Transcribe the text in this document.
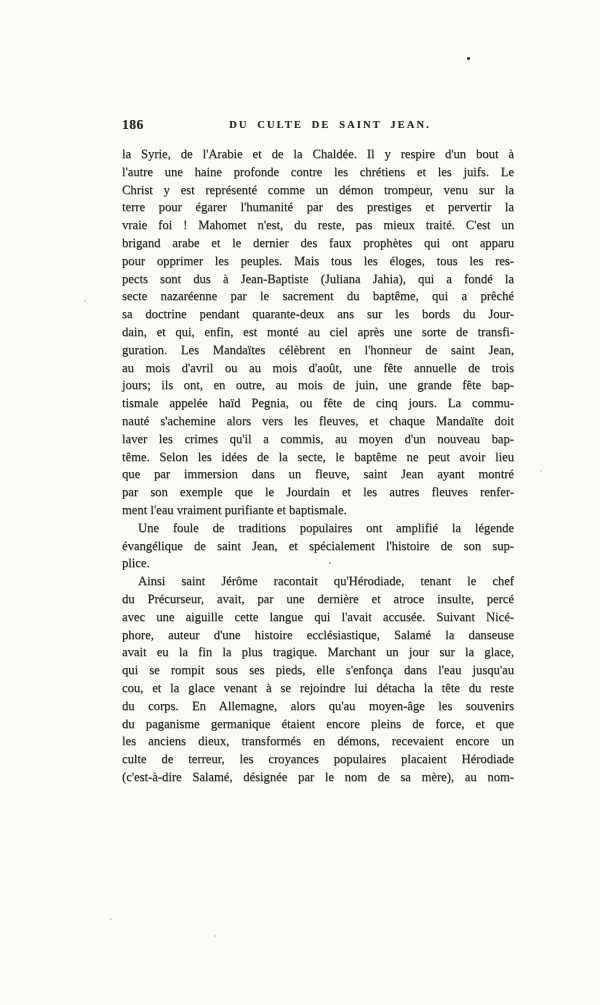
186	DU CULTE DE SAINT JEAN.
la Syrie, de l'Arabie et de la Chaldée. Il y respire d'un bout à
l'autre une haine profonde contre les chrétiens et les juifs. Le
Christ y est représenté comme un démon trompeur, venu sur la
terre pour égarer l'humanité par des prestiges et pervertir la
vraie foi ! Mahomet n'est, du reste, pas mieux traité. C'est un
brigand arabe et le dernier des faux prophètes qui ont apparu
pour opprimer les peuples. Mais tous les éloges, tous les res-
pects sont dus à Jean-Baptiste (Juliana Jahia), qui a fondé la
secte nazaréenne par le sacrement du baptême, qui a prêché
sa doctrine pendant quarante-deux ans sur les bords du Jour-
dain, et qui, enfin, est monté au ciel après une sorte de transfi-
guration. Les Mandaïtes célèbrent en l'honneur de saint Jean,
au mois d'avril ou au mois d'août, une fête annuelle de trois
jours; ils ont, en outre, au mois de juin, une grande fête bap-
tismale appelée haïd Pegnia, ou fête de cinq jours. La commu-
nauté s'achemine alors vers les fleuves, et chaque Mandaïte doit
laver les crimes qu'il a commis, au moyen d'un nouveau bap-
tême. Selon les idées de la secte, le baptême ne peut avoir lieu
que par immersion dans un fleuve, saint Jean ayant montré
par son exemple que le Jourdain et les autres fleuves renfer-
ment l'eau vraiment purifiante et baptismale.
Une foule de traditions populaires ont amplifié la légende
évangélique de saint Jean, et spécialement l'histoire de son sup-
plice.
Ainsi saint Jérôme racontait qu'Hérodiade, tenant le chef
du Précurseur, avait, par une dernière et atroce insulte, percé
avec une aiguille cette langue qui l'avait accusée. Suivant Nicé-
phore, auteur d'une histoire ecclésiastique, Salamé la danseuse
avait eu la fin la plus tragique. Marchant un jour sur la glace,
qui se rompit sous ses pieds, elle s'enfonça dans l'eau jusqu'au
cou, et la glace venant à se rejoindre lui détacha la tête du reste
du corps. En Allemagne, alors qu'au moyen-âge les souvenirs
du paganisme germanique étaient encore pleins de force, et que
les anciens dieux, transformés en démons, recevaient encore un
culte de terreur, les croyances populaires placaient Hérodiade
(c'est-à-dire Salamé, désignée par le nom de sa mère), au nom-
